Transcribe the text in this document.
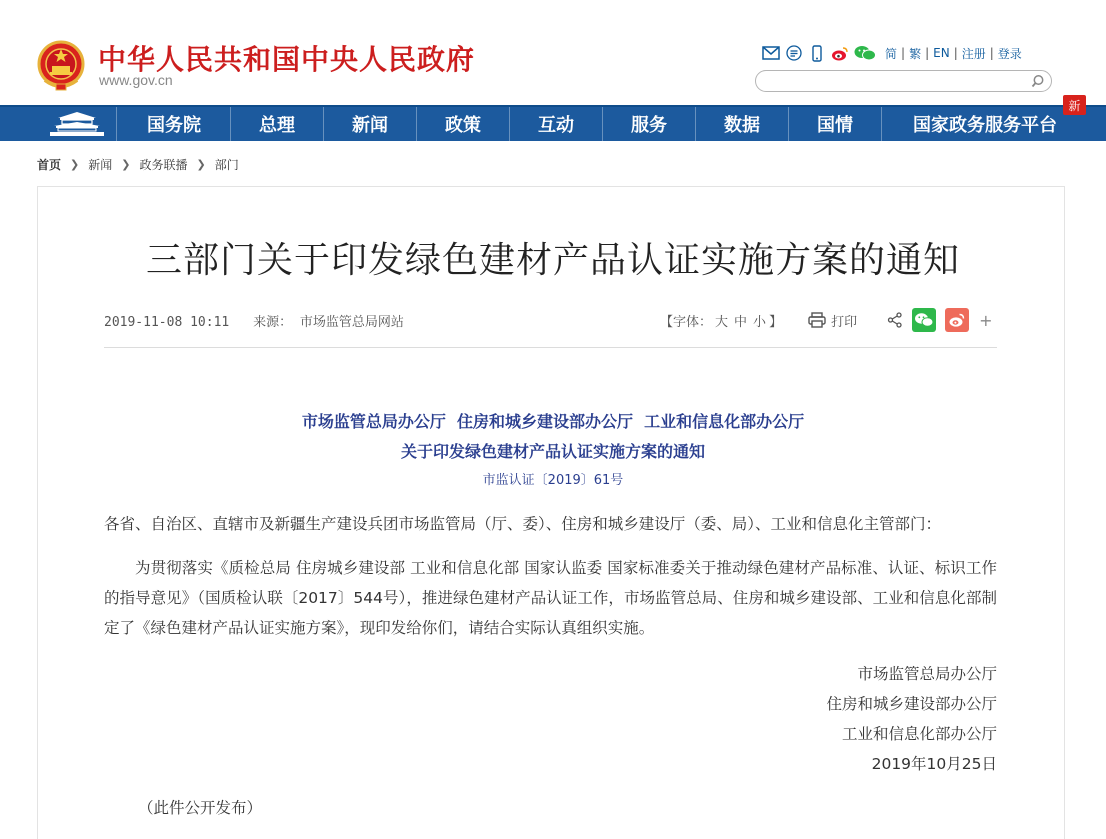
中华人民共和国中央人民政府
www.gov.cn
简 | 繁 | EN | 注册 | 登录
国务院	总理	新闻	政策	互动	服务	数据	国情	国家政务服务平台
新
首页 ❯ 新闻 ❯ 政务联播 ❯ 部门
三部门关于印发绿色建材产品认证实施方案的通知
2019-11-08 10:11 来源： 市场监管总局网站	【字体： 大 中 小 】	打印	+
市场监管总局办公厅  住房和城乡建设部办公厅  工业和信息化部办公厅
关于印发绿色建材产品认证实施方案的通知
市监认证〔2019〕61号
各省、自治区、直辖市及新疆生产建设兵团市场监管局（厅、委）、住房和城乡建设厅（委、局）、工业和信息化主管部门：
为贯彻落实《质检总局 住房城乡建设部 工业和信息化部 国家认监委 国家标准委关于推动绿色建材产品标准、认证、标识工作的指导意见》（国质检认联〔2017〕544号），推进绿色建材产品认证工作，市场监管总局、住房和城乡建设部、工业和信息化部制定了《绿色建材产品认证实施方案》，现印发给你们，请结合实际认真组织实施。
市场监管总局办公厅
住房和城乡建设部办公厅
工业和信息化部办公厅
2019年10月25日
（此件公开发布）
